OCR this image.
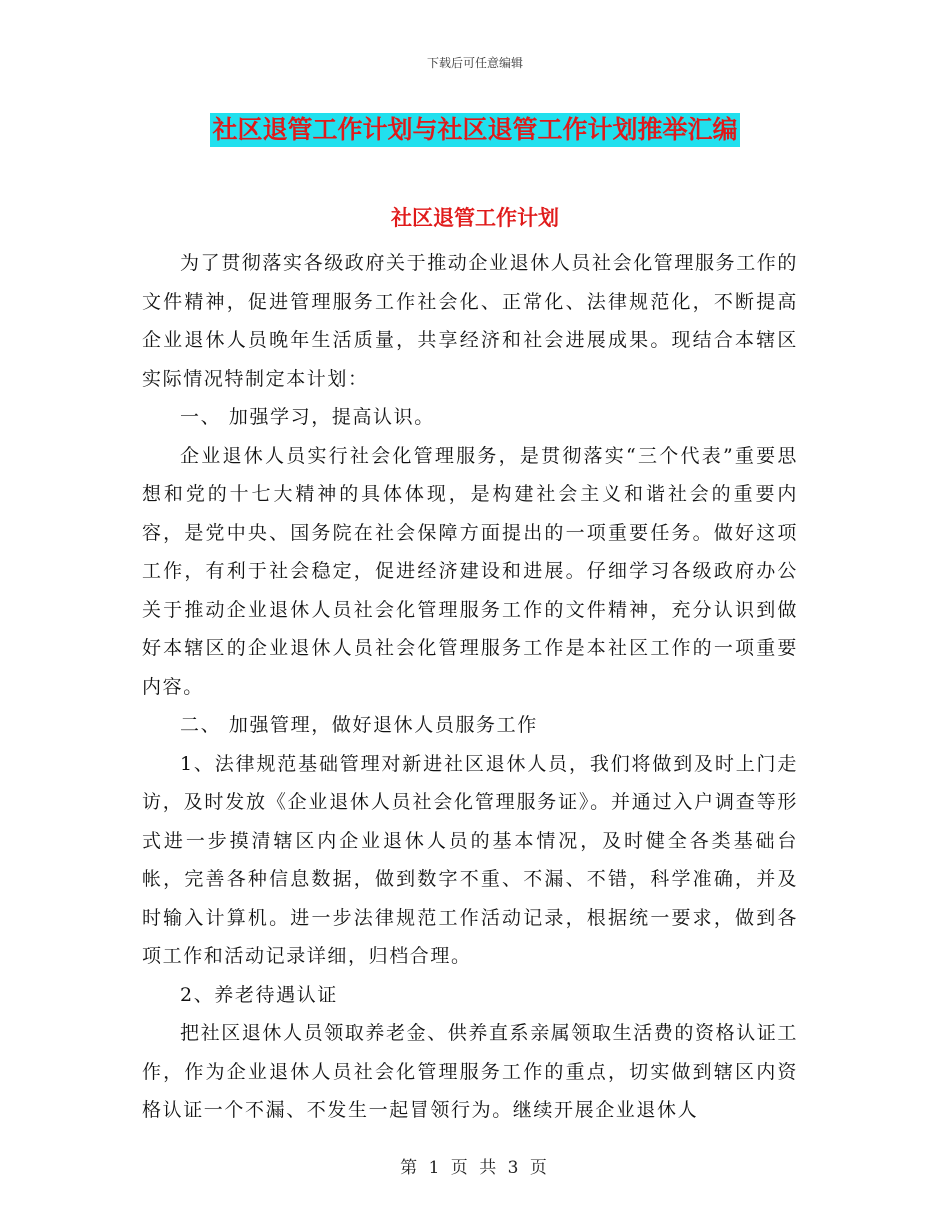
下载后可任意编辑
社区退管工作计划与社区退管工作计划推举汇编
社区退管工作计划

为了贯彻落实各级政府关于推动企业退休人员社会化管理服务工作的文件精神，促进管理服务工作社会化、正常化、法律规范化，不断提高企业退休人员晚年生活质量，共享经济和社会进展成果。现结合本辖区实际情况特制定本计划：

一、 加强学习，提高认识。

企业退休人员实行社会化管理服务，是贯彻落实“三个代表”重要思想和党的十七大精神的具体体现，是构建社会主义和谐社会的重要内容，是党中央、国务院在社会保障方面提出的一项重要任务。做好这项工作，有利于社会稳定，促进经济建设和进展。仔细学习各级政府办公关于推动企业退休人员社会化管理服务工作的文件精神，充分认识到做好本辖区的企业退休人员社会化管理服务工作是本社区工作的一项重要内容。

二、 加强管理，做好退休人员服务工作

1、法律规范基础管理对新进社区退休人员，我们将做到及时上门走访，及时发放《企业退休人员社会化管理服务证》。并通过入户调查等形式进一步摸清辖区内企业退休人员的基本情况，及时健全各类基础台帐，完善各种信息数据，做到数字不重、不漏、不错，科学准确，并及时输入计算机。进一步法律规范工作活动记录，根据统一要求，做到各项工作和活动记录详细，归档合理。

2、养老待遇认证

把社区退休人员领取养老金、供养直系亲属领取生活费的资格认证工作，作为企业退休人员社会化管理服务工作的重点，切实做到辖区内资格认证一个不漏、不发生一起冒领行为。继续开展企业退休人

第 1 页 共 3 页
